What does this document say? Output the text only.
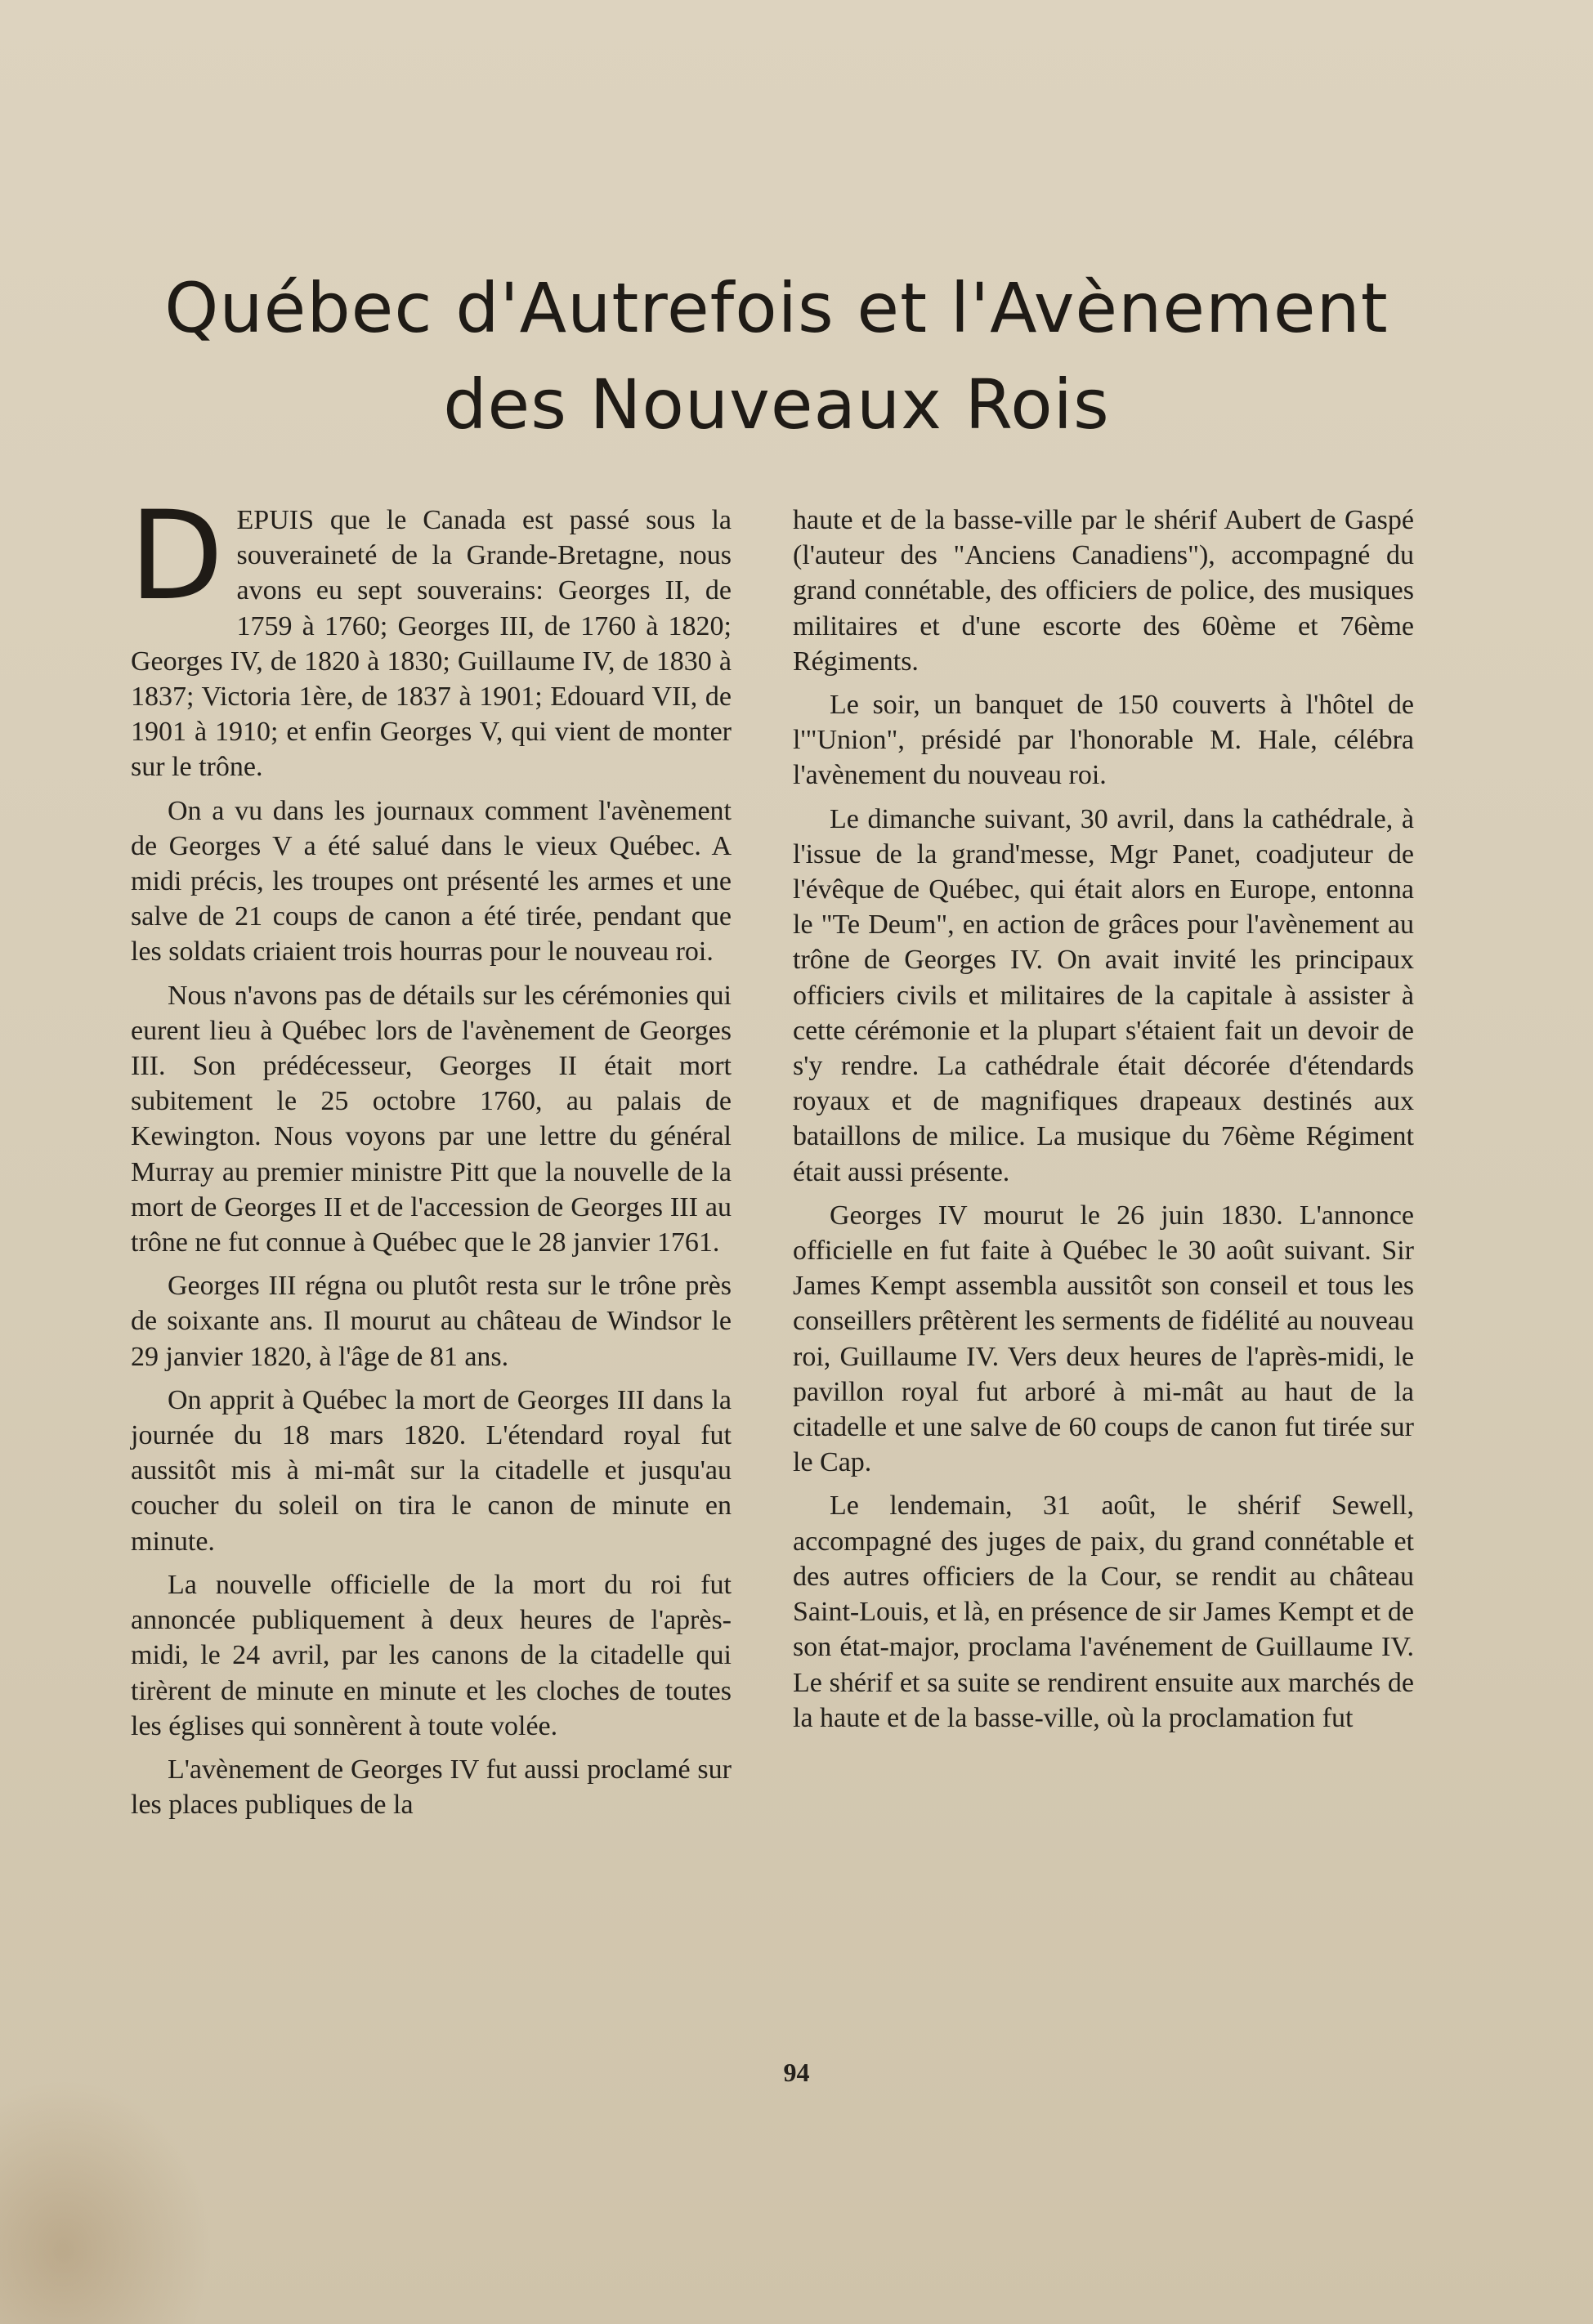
Québec d'Autrefois et l'Avènement
des Nouveaux Rois

DEPUIS que le Canada est passé sous la souveraineté de la Grande-Bretagne, nous avons eu sept souverains: Georges II, de 1759 à 1760; Georges III, de 1760 à 1820; Georges IV, de 1820 à 1830; Guillaume IV, de 1830 à 1837; Victoria 1ère, de 1837 à 1901; Edouard VII, de 1901 à 1910; et enfin Georges V, qui vient de monter sur le trône.

On a vu dans les journaux comment l'avènement de Georges V a été salué dans le vieux Québec. A midi précis, les troupes ont présenté les armes et une salve de 21 coups de canon a été tirée, pendant que les soldats criaient trois hourras pour le nouveau roi.

Nous n'avons pas de détails sur les cérémonies qui eurent lieu à Québec lors de l'avènement de Georges III. Son prédécesseur, Georges II était mort subitement le 25 octobre 1760, au palais de Kewington. Nous voyons par une lettre du général Murray au premier ministre Pitt que la nouvelle de la mort de Georges II et de l'accession de Georges III au trône ne fut connue à Québec que le 28 janvier 1761.

Georges III régna ou plutôt resta sur le trône près de soixante ans. Il mourut au château de Windsor le 29 janvier 1820, à l'âge de 81 ans.

On apprit à Québec la mort de Georges III dans la journée du 18 mars 1820. L'étendard royal fut aussitôt mis à mi-mât sur la citadelle et jusqu'au coucher du soleil on tira le canon de minute en minute.

La nouvelle officielle de la mort du roi fut annoncée publiquement à deux heures de l'après-midi, le 24 avril, par les canons de la citadelle qui tirèrent de minute en minute et les cloches de toutes les églises qui sonnèrent à toute volée.

L'avènement de Georges IV fut aussi proclamé sur les places publiques de la

haute et de la basse-ville par le shérif Aubert de Gaspé (l'auteur des "Anciens Canadiens"), accompagné du grand connétable, des officiers de police, des musiques militaires et d'une escorte des 60ème et 76ème Régiments.

Le soir, un banquet de 150 couverts à l'hôtel de l'"Union", présidé par l'honorable M. Hale, célébra l'avènement du nouveau roi.

Le dimanche suivant, 30 avril, dans la cathédrale, à l'issue de la grand'messe, Mgr Panet, coadjuteur de l'évêque de Québec, qui était alors en Europe, entonna le "Te Deum", en action de grâces pour l'avènement au trône de Georges IV. On avait invité les principaux officiers civils et militaires de la capitale à assister à cette cérémonie et la plupart s'étaient fait un devoir de s'y rendre. La cathédrale était décorée d'étendards royaux et de magnifiques drapeaux destinés aux bataillons de milice. La musique du 76ème Régiment était aussi présente.

Georges IV mourut le 26 juin 1830. L'annonce officielle en fut faite à Québec le 30 août suivant. Sir James Kempt assembla aussitôt son conseil et tous les conseillers prêtèrent les serments de fidélité au nouveau roi, Guillaume IV. Vers deux heures de l'après-midi, le pavillon royal fut arboré à mi-mât au haut de la citadelle et une salve de 60 coups de canon fut tirée sur le Cap.

Le lendemain, 31 août, le shérif Sewell, accompagné des juges de paix, du grand connétable et des autres officiers de la Cour, se rendit au château Saint-Louis, et là, en présence de sir James Kempt et de son état-major, proclama l'avénement de Guillaume IV. Le shérif et sa suite se rendirent ensuite aux marchés de la haute et de la basse-ville, où la proclamation fut

94
